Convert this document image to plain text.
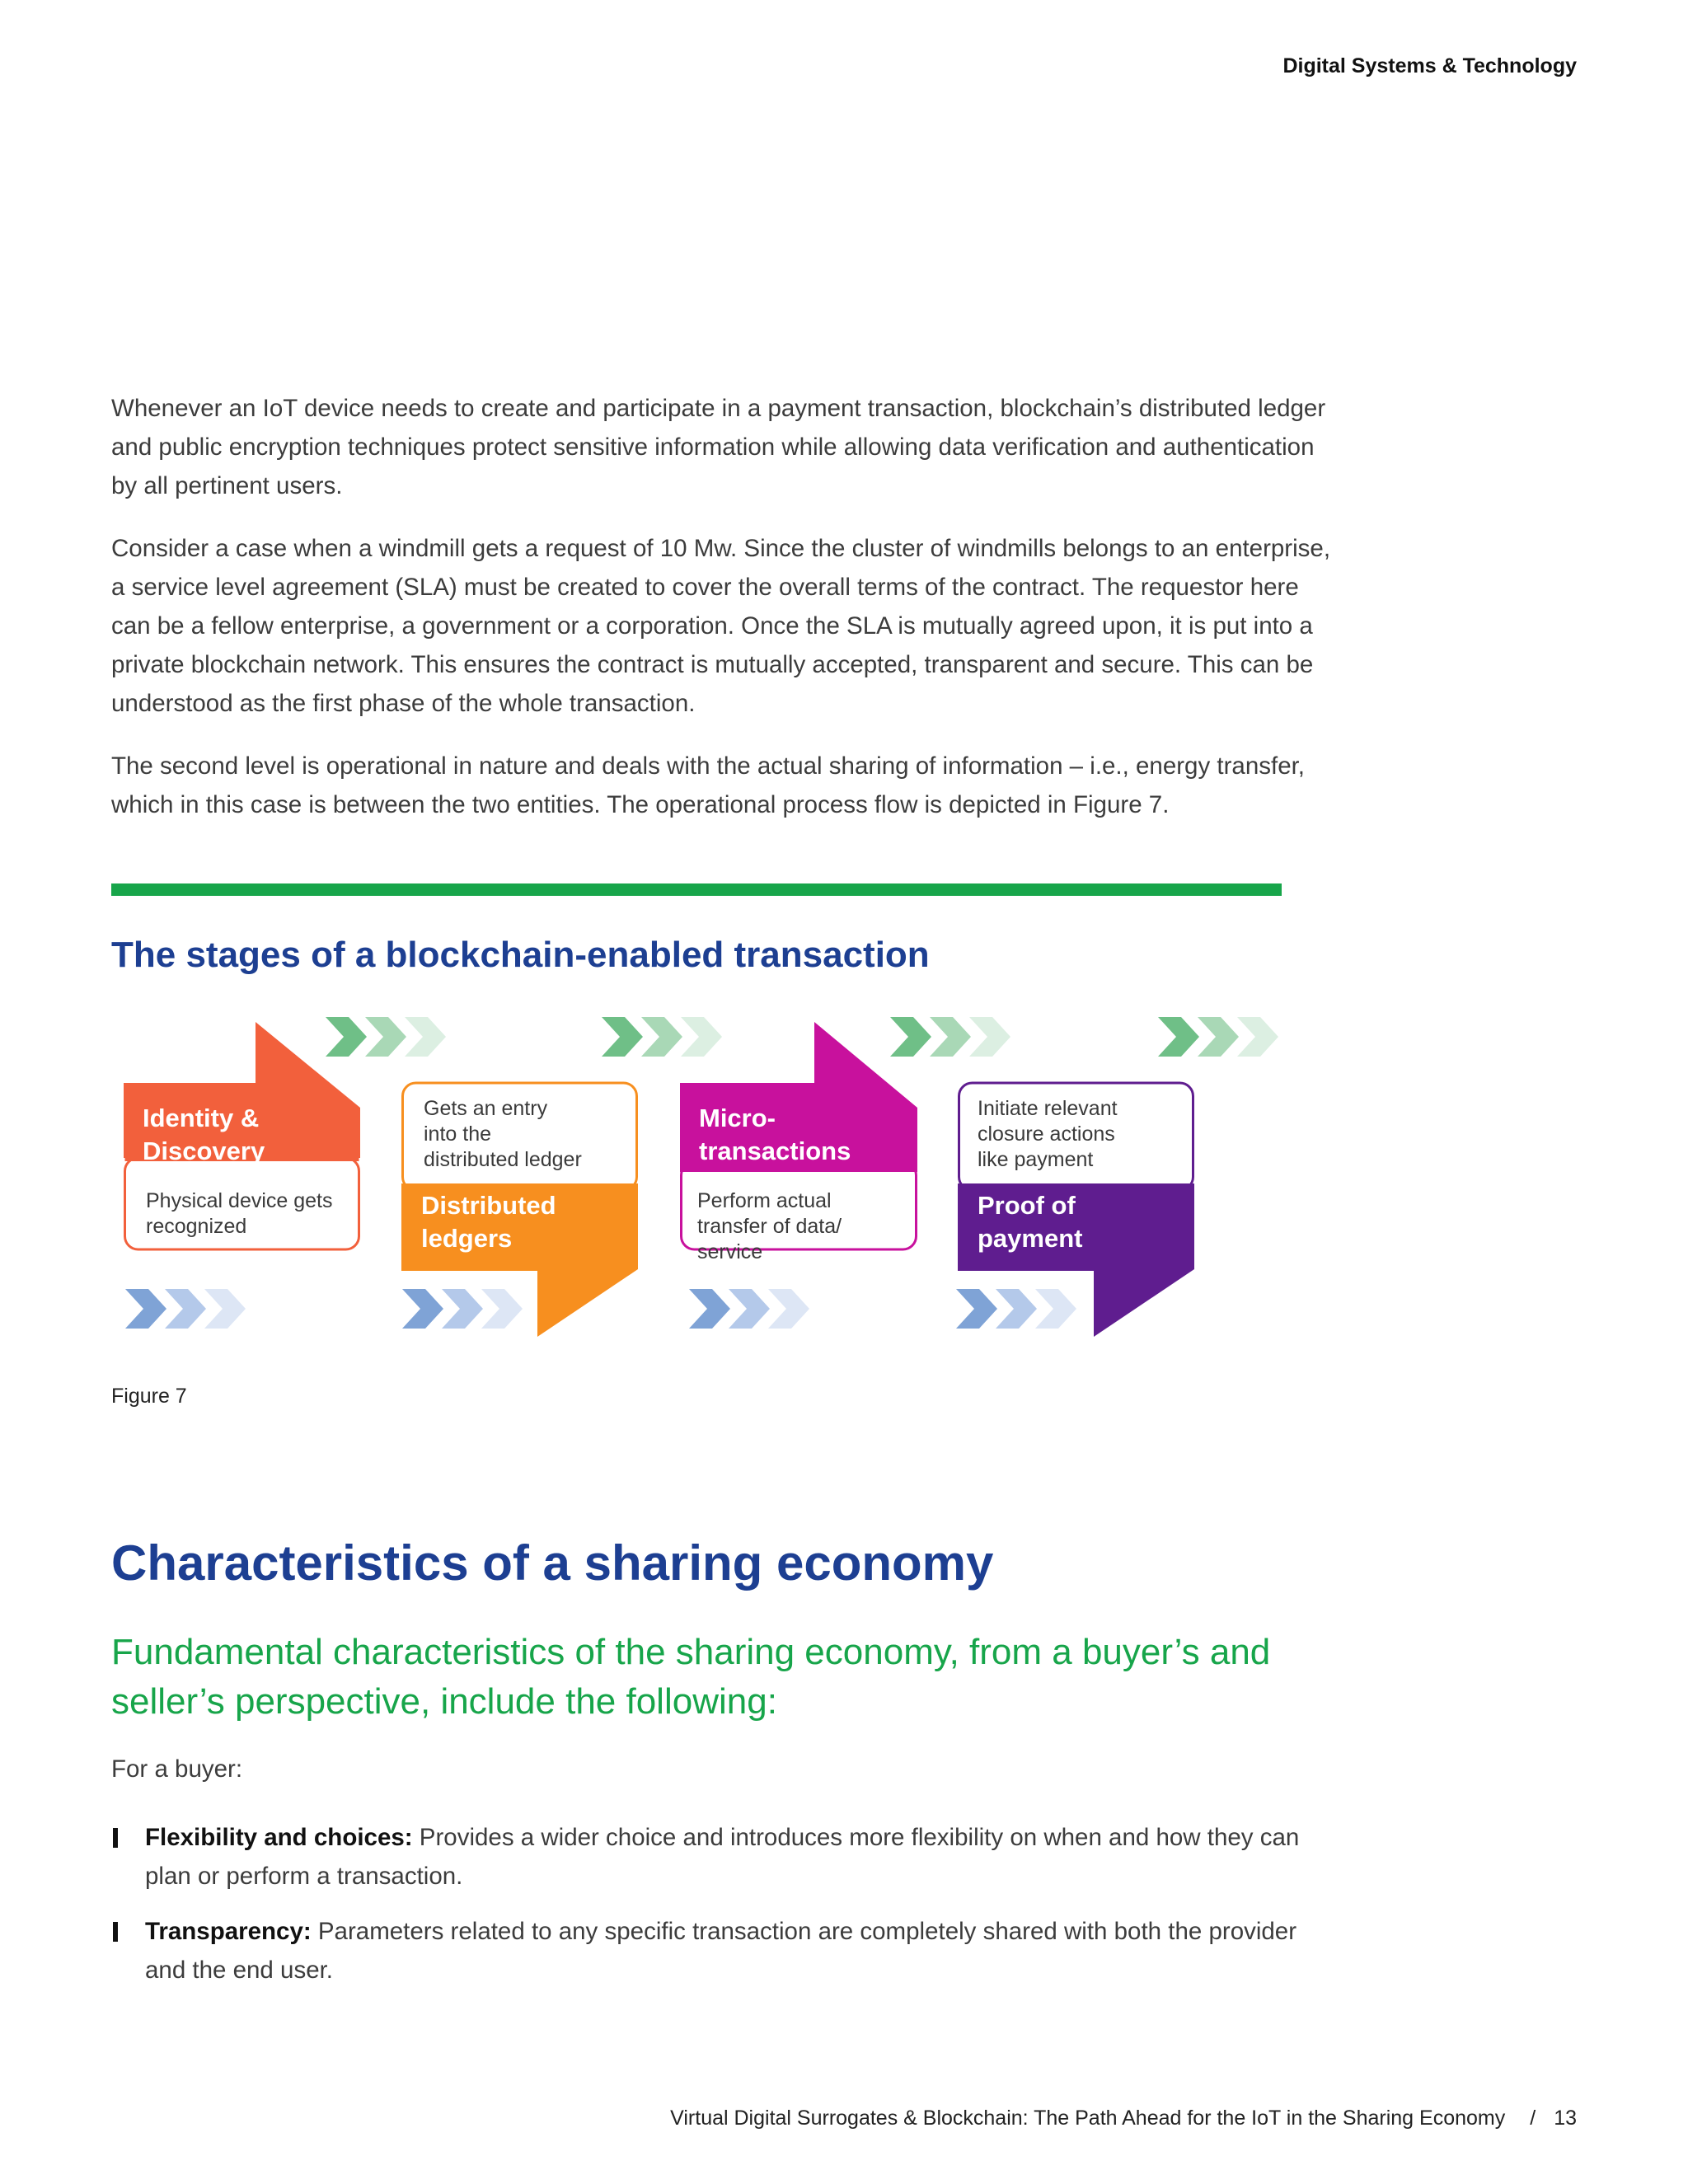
Digital Systems & Technology

Whenever an IoT device needs to create and participate in a payment transaction, blockchain’s distributed ledger and public encryption techniques protect sensitive information while allowing data verification and authentication by all pertinent users.

Consider a case when a windmill gets a request of 10 Mw. Since the cluster of windmills belongs to an enterprise, a service level agreement (SLA) must be created to cover the overall terms of the contract. The requestor here can be a fellow enterprise, a government or a corporation. Once the SLA is mutually agreed upon, it is put into a private blockchain network. This ensures the contract is mutually accepted, transparent and secure. This can be understood as the first phase of the whole transaction.

The second level is operational in nature and deals with the actual sharing of information – i.e., energy transfer, which in this case is between the two entities. The operational process flow is depicted in Figure 7.

The stages of a blockchain-enabled transaction
Identity &
Discovery
Physical device gets
recognized
Gets an entry
into the
distributed ledger
Distributed
ledgers
Micro-
transactions
Perform actual
transfer of data/
service
Initiate relevant
closure actions
like payment
Proof of
payment
Figure 7
Characteristics of a sharing economy
Fundamental characteristics of the sharing economy, from a buyer’s and seller’s perspective, include the following:
For a buyer:
Flexibility and choices: Provides a wider choice and introduces more flexibility on when and how they can plan or perform a transaction.
Transparency: Parameters related to any specific transaction are completely shared with both the provider and the end user.
Virtual Digital Surrogates & Blockchain: The Path Ahead for the IoT in the Sharing Economy / 13
